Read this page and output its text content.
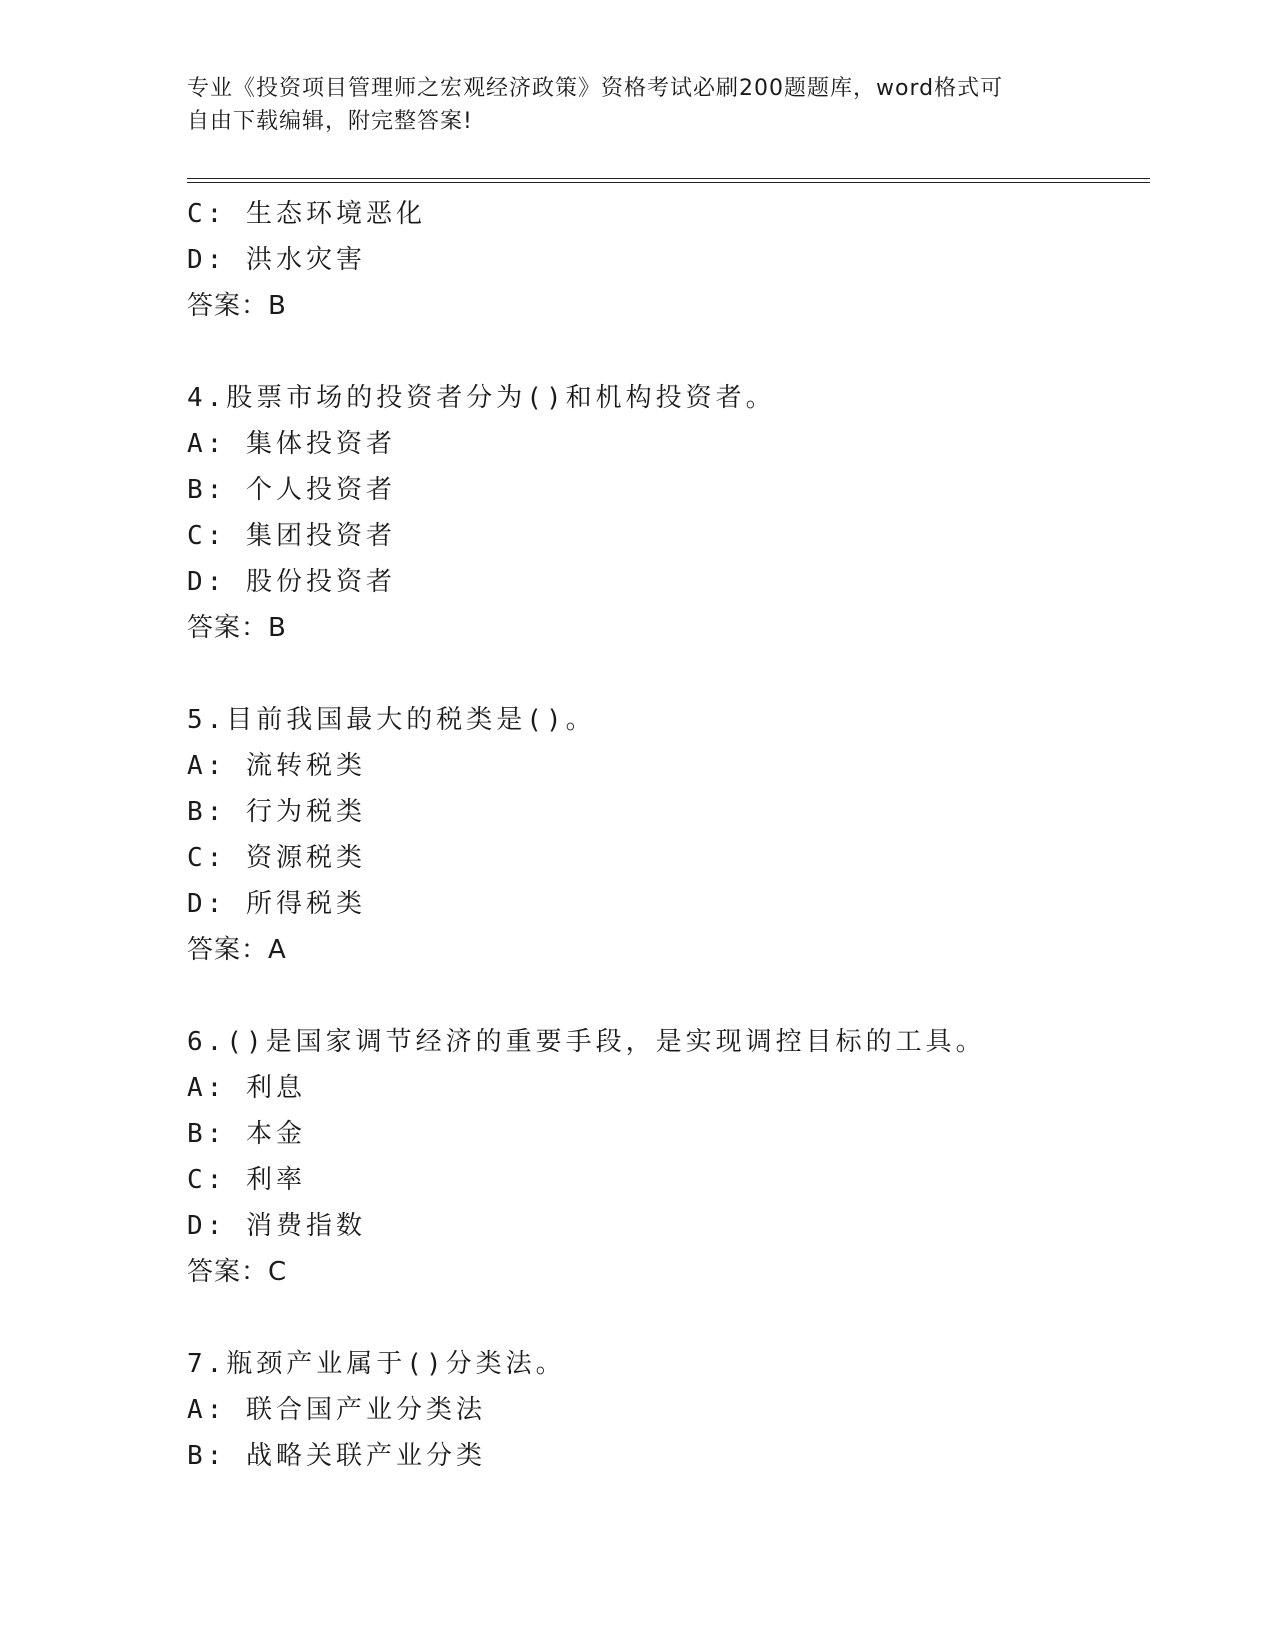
专业《投资项目管理师之宏观经济政策》资格考试必刷200题题库，word格式可
自由下载编辑，附完整答案!
C: 生态环境恶化
D: 洪水灾害
答案：B
4.股票市场的投资者分为()和机构投资者。
A: 集体投资者
B: 个人投资者
C: 集团投资者
D: 股份投资者
答案：B
5.目前我国最大的税类是()。
A: 流转税类
B: 行为税类
C: 资源税类
D: 所得税类
答案：A
6.()是国家调节经济的重要手段，是实现调控目标的工具。
A: 利息
B: 本金
C: 利率
D: 消费指数
答案：C
7.瓶颈产业属于()分类法。
A: 联合国产业分类法
B: 战略关联产业分类
